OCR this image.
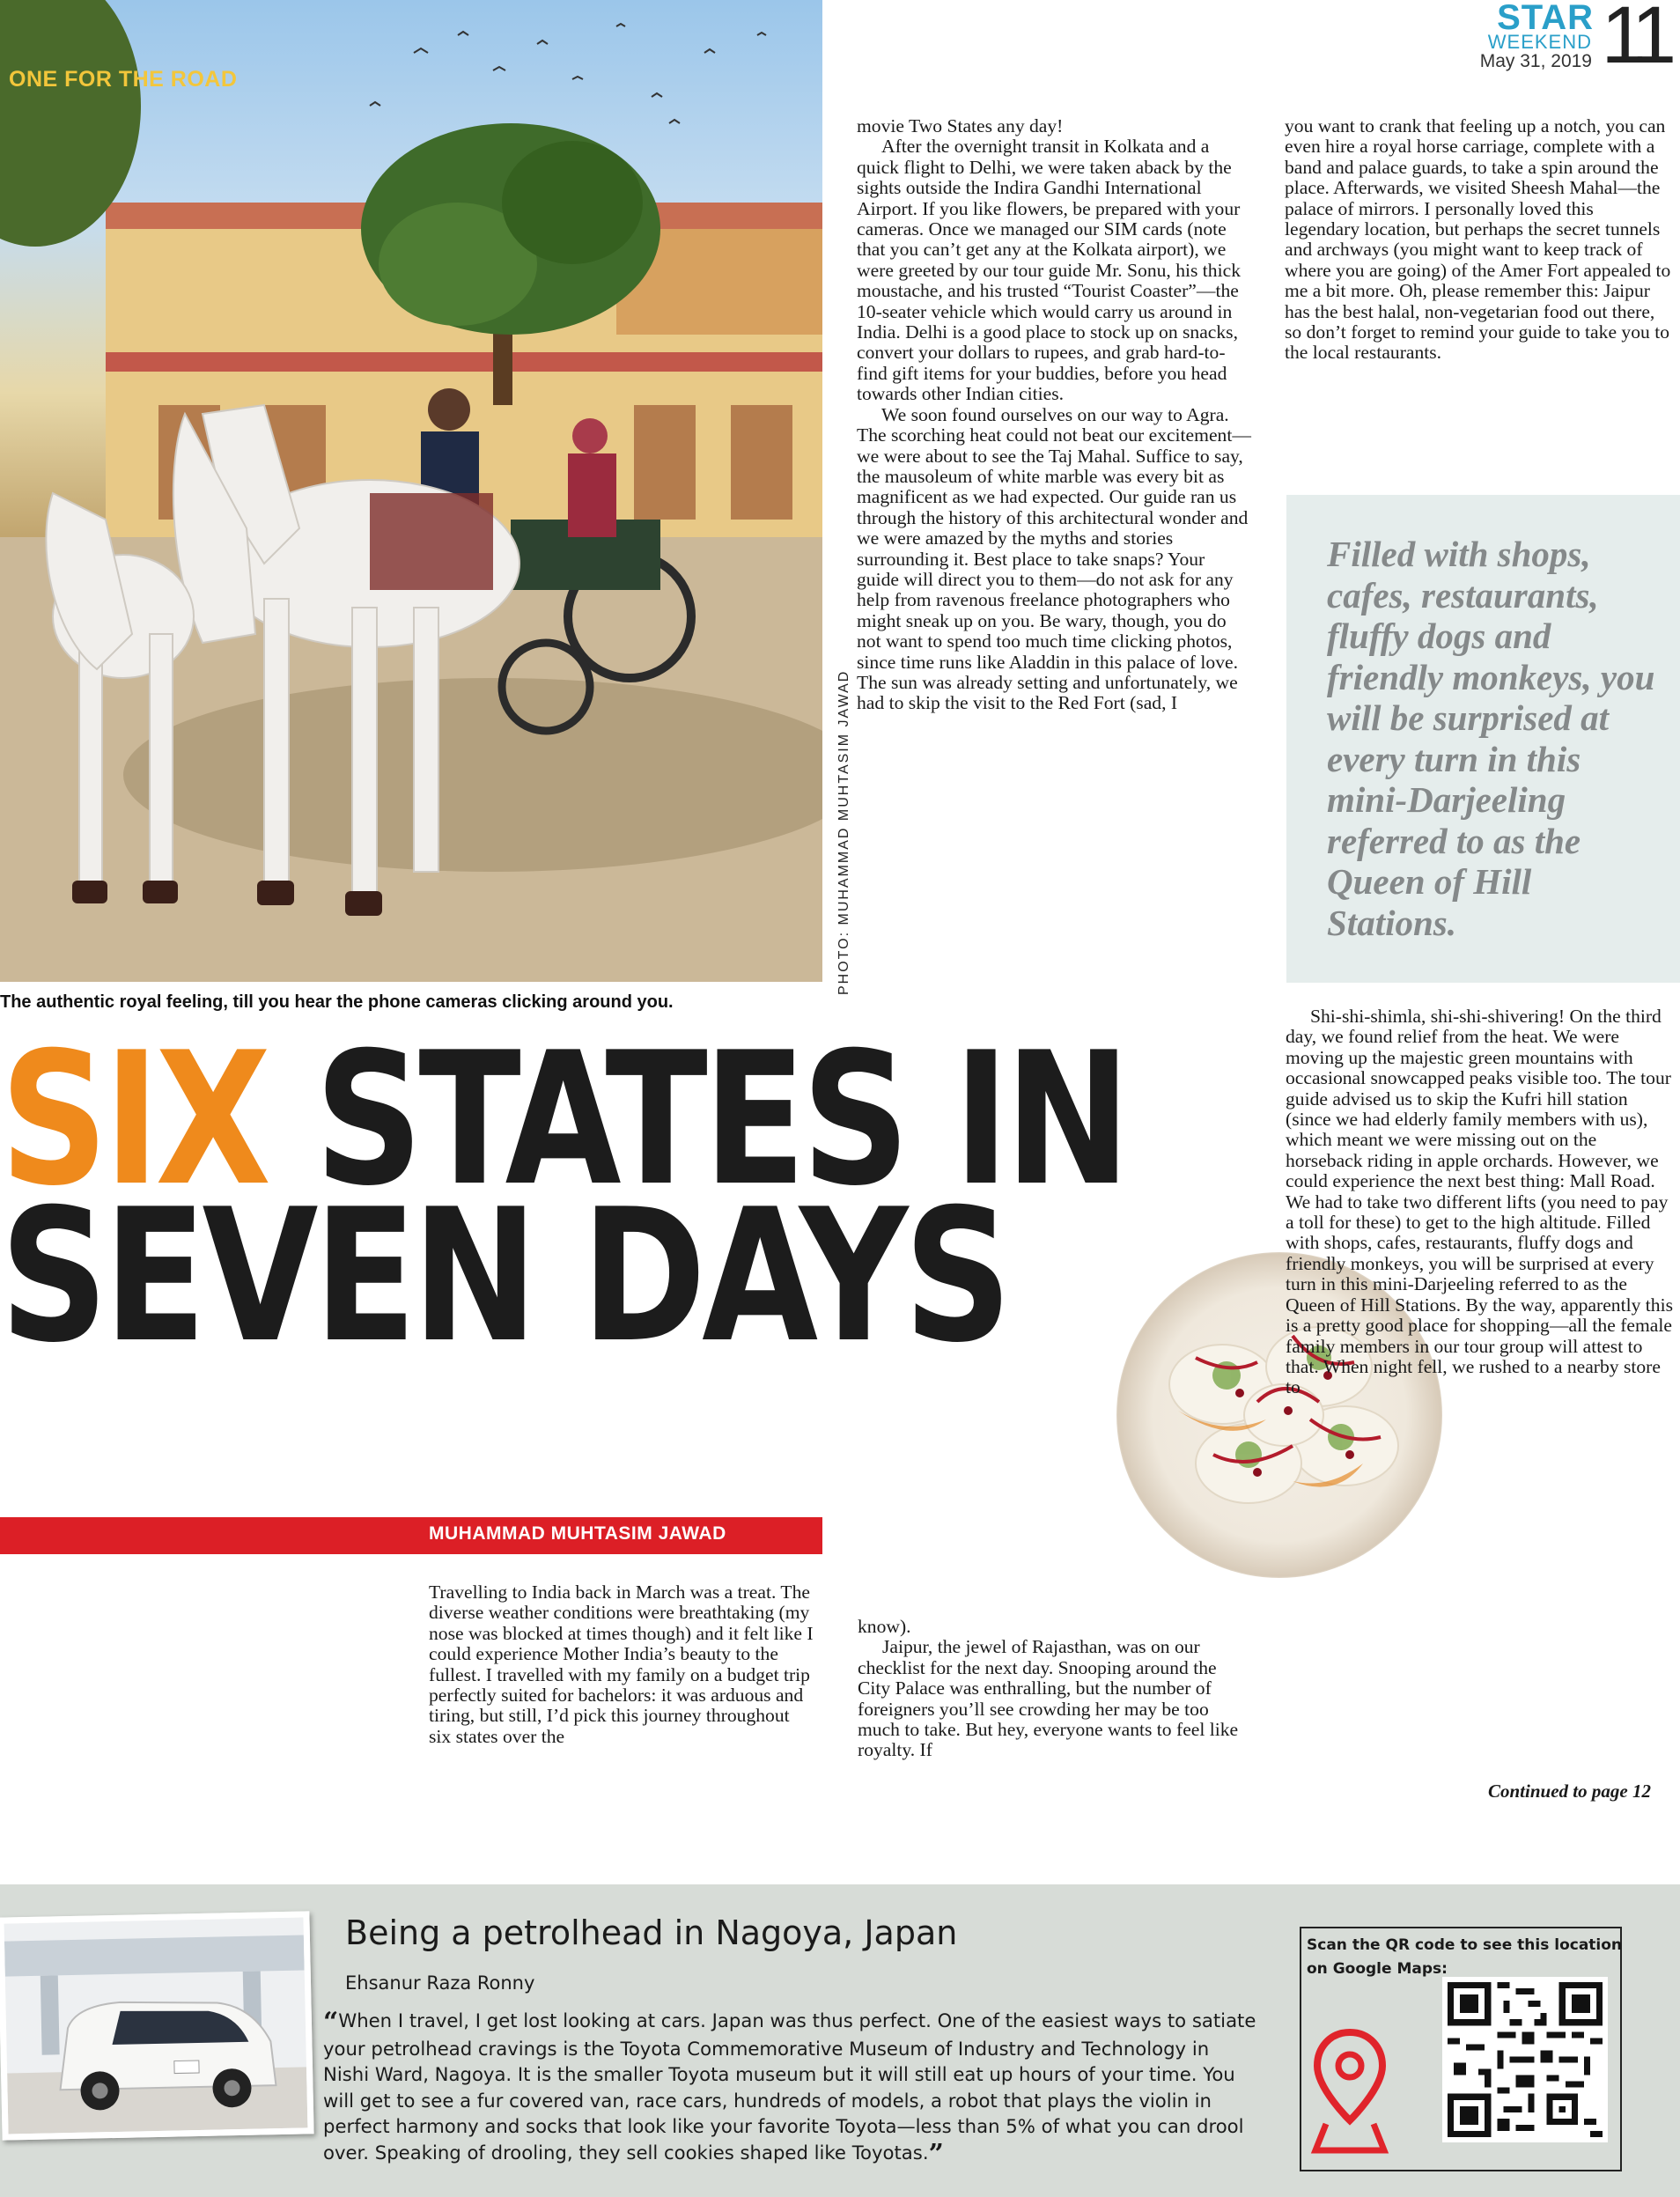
STAR
WEEKEND
May 31, 2019 11
ONE FOR THE ROAD
PHOTO: MUHAMMAD MUHTASIM JAWAD
The authentic royal feeling, till you hear the phone cameras clicking around you.

movie Two States any day!

After the overnight transit in Kolkata and a quick flight to Delhi, we were taken aback by the sights outside the Indira Gandhi International Airport. If you like flowers, be prepared with your cameras. Once we managed our SIM cards (note that you can’t get any at the Kolkata airport), we were greeted by our tour guide Mr. Sonu, his thick moustache, and his trusted “Tourist Coaster”—the 10-seater vehicle which would carry us around in India. Delhi is a good place to stock up on snacks, convert your dollars to rupees, and grab hard-to-find gift items for your buddies, before you head towards other Indian cities.

We soon found ourselves on our way to Agra. The scorching heat could not beat our excitement—we were about to see the Taj Mahal. Suffice to say, the mausoleum of white marble was every bit as magnificent as we had expected. Our guide ran us through the history of this architectural wonder and we were amazed by the myths and stories surrounding it. Best place to take snaps? Your guide will direct you to them—do not ask for any help from ravenous freelance photographers who might sneak up on you. Be wary, though, you do not want to spend too much time clicking photos, since time runs like Aladdin in this palace of love. The sun was already setting and unfortunately, we had to skip the visit to the Red Fort (sad, I

you want to crank that feeling up a notch, you can even hire a royal horse carriage, complete with a band and palace guards, to take a spin around the place. Afterwards, we visited Sheesh Mahal—the palace of mirrors. I personally loved this legendary location, but perhaps the secret tunnels and archways (you might want to keep track of where you are going) of the Amer Fort appealed to me a bit more. Oh, please remember this: Jaipur has the best halal, non-vegetarian food out there, so don’t forget to remind your guide to take you to the local restaurants.

Filled with shops, cafes, restaurants, fluffy dogs and friendly monkeys, you will be surprised at every turn in this mini-Darjeeling referred to as the Queen of Hill Stations.

SIX STATES IN
SEVEN DAYS
MUHAMMAD MUHTASIM JAWAD

Shi-shi-shimla, shi-shi-shivering! On the third day, we found relief from the heat. We were moving up the majestic green mountains with occasional snowcapped peaks visible too. The tour guide advised us to skip the Kufri hill station (since we had elderly family members with us), which meant we were missing out on the horseback riding in apple orchards. However, we could experience the next best thing: Mall Road. We had to take two different lifts (you need to pay a toll for these) to get to the high altitude. Filled with shops, cafes, restaurants, fluffy dogs and friendly monkeys, you will be surprised at every turn in this mini-Darjeeling referred to as the Queen of Hill Stations. By the way, apparently this is a pretty good place for shopping—all the female family members in our tour group will attest to that. When night fell, we rushed to a nearby store to

Travelling to India back in March was a treat. The diverse weather conditions were breathtaking (my nose was blocked at times though) and it felt like I could experience Mother India’s beauty to the fullest. I travelled with my family on a budget trip perfectly suited for bachelors: it was arduous and tiring, but still, I’d pick this journey throughout six states over the

know).

Jaipur, the jewel of Rajasthan, was on our checklist for the next day. Snooping around the City Palace was enthralling, but the number of foreigners you’ll see crowding her may be too much to take. But hey, everyone wants to feel like royalty. If

Continued to page 12
Being a petrolhead in Nagoya, Japan
Ehsanur Raza Ronny
“When I travel, I get lost looking at cars. Japan was thus perfect. One of the easiest ways to satiate your petrolhead cravings is the Toyota Commemorative Museum of Industry and Technology in Nishi Ward, Nagoya. It is the smaller Toyota museum but it will still eat up hours of your time. You will get to see a fur covered van, race cars, hundreds of models, a robot that plays the violin in perfect harmony and socks that look like your favorite Toyota—less than 5% of what you can drool over. Speaking of drooling, they sell cookies shaped like Toyotas.”
Scan the QR code to see this location on Google Maps:
